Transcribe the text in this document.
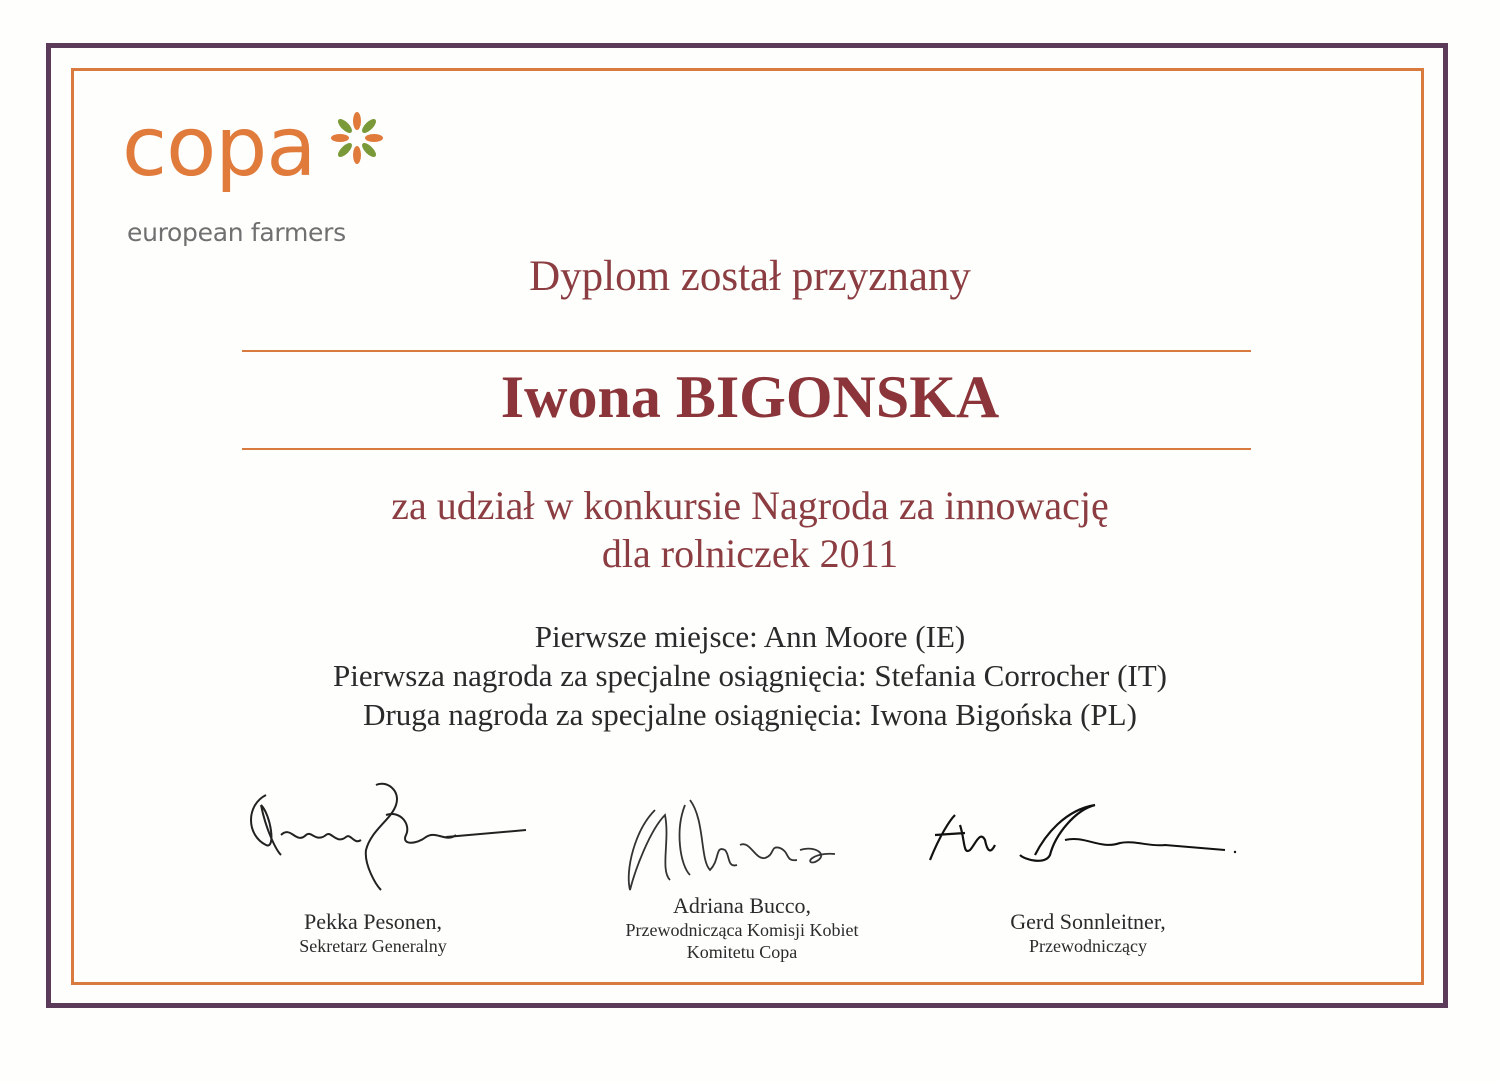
copa
european farmers
Dyplom został przyznany
Iwona BIGONSKA
za udział w konkursie Nagroda za innowację
dla rolniczek 2011
Pierwsze miejsce: Ann Moore (IE)
Pierwsza nagroda za specjalne osiągnięcia: Stefania Corrocher (IT)
Druga nagroda za specjalne osiągnięcia: Iwona Bigońska (PL)
Pekka Pesonen,
Sekretarz Generalny
Adriana Bucco,
Przewodnicząca Komisji Kobiet
Komitetu Copa
Gerd Sonnleitner,
Przewodniczący
